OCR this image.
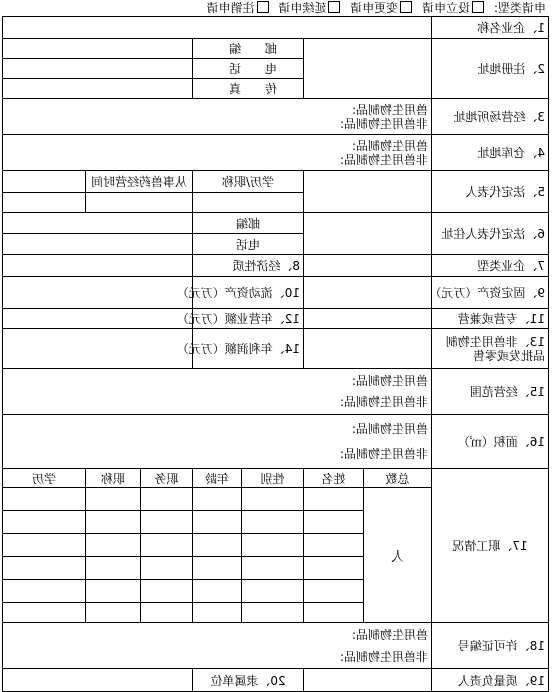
申请类型: 设立申请 变更申请 延续申请 注销申请
1、企业名称							
2、注册地址			邮 编				
			电 话				
			传 真				
3、经营场所地址	兽用生物制品:
非兽用生物制品:						

4、仓库地址	兽用生物制品:
非兽用生物制品:						

5、法定代表人			学历/职称		从事兽药经营时间		

6、法定代表人住址			邮编				
			电话				
7、企业类型			8、经济性质				
9、固定资产（万元）			10、流动资产（万元）				
11、专营或兼营			12、年营业额（万元）				
13、非兽用生物制品批发或零售			14、年利润额（万元）				
15、经营范围	兽用生物制品:
非兽用生物制品:						

16、面积（㎡）	兽用生物制品:
非兽用生物制品:						

17、职工情况	总数	姓名	性别	年龄	职务	职称	学历
	人						

18、许可证编号	兽用生物制品:
非兽用生物制品:						

19、质量负责人			20、隶属单位				
